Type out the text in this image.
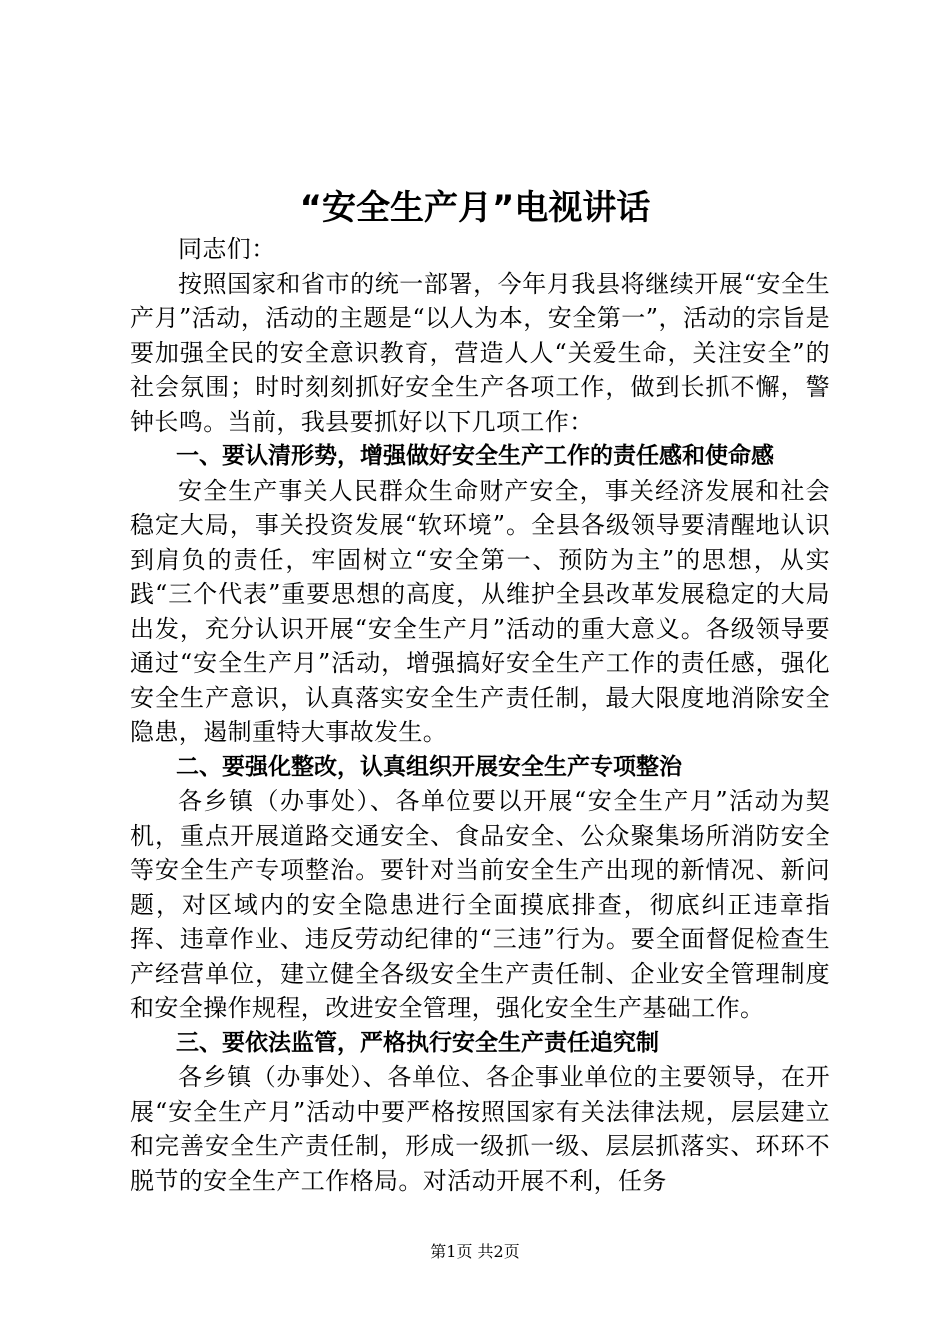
“安全生产月”电视讲话

同志们：

按照国家和省市的统一部署，今年月我县将继续开展“安全生产月”活动，活动的主题是“以人为本，安全第一”，活动的宗旨是要加强全民的安全意识教育，营造人人“关爱生命，关注安全”的社会氛围；时时刻刻抓好安全生产各项工作，做到长抓不懈，警钟长鸣。当前，我县要抓好以下几项工作：

一、要认清形势，增强做好安全生产工作的责任感和使命感

安全生产事关人民群众生命财产安全，事关经济发展和社会稳定大局，事关投资发展“软环境”。全县各级领导要清醒地认识到肩负的责任，牢固树立“安全第一、预防为主”的思想，从实践“三个代表”重要思想的高度，从维护全县改革发展稳定的大局出发，充分认识开展“安全生产月”活动的重大意义。各级领导要通过“安全生产月”活动，增强搞好安全生产工作的责任感，强化安全生产意识，认真落实安全生产责任制，最大限度地消除安全隐患，遏制重特大事故发生。

二、要强化整改，认真组织开展安全生产专项整治

各乡镇（办事处）、各单位要以开展“安全生产月”活动为契机，重点开展道路交通安全、食品安全、公众聚集场所消防安全等安全生产专项整治。要针对当前安全生产出现的新情况、新问题，对区域内的安全隐患进行全面摸底排查，彻底纠正违章指挥、违章作业、违反劳动纪律的“三违”行为。要全面督促检查生产经营单位，建立健全各级安全生产责任制、企业安全管理制度和安全操作规程，改进安全管理，强化安全生产基础工作。

三、要依法监管，严格执行安全生产责任追究制

各乡镇（办事处）、各单位、各企事业单位的主要领导，在开展“安全生产月”活动中要严格按照国家有关法律法规，层层建立和完善安全生产责任制，形成一级抓一级、层层抓落实、环环不脱节的安全生产工作格局。对活动开展不利，任务

第1页 共2页
